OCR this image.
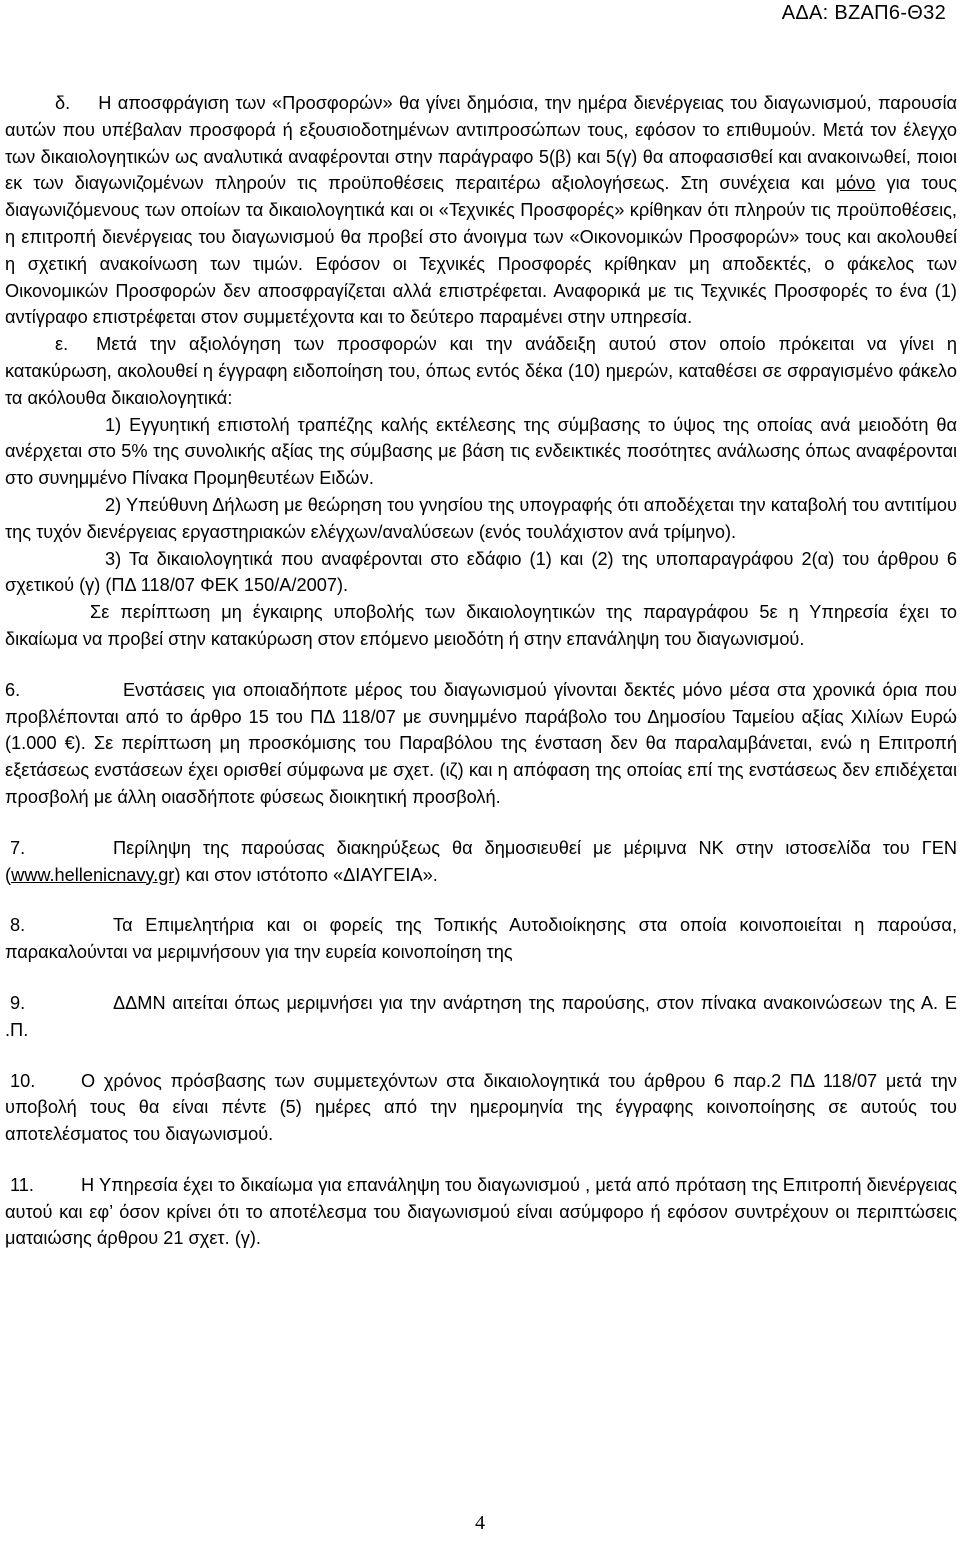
ΑΔΑ: ΒΖΑΠ6-Θ32

δ. Η αποσφράγιση των «Προσφορών» θα γίνει δημόσια, την ημέρα διενέργειας του διαγωνισμού, παρουσία αυτών που υπέβαλαν προσφορά ή εξουσιοδοτημένων αντιπροσώπων τους, εφόσον το επιθυμούν. Μετά τον έλεγχο των δικαιολογητικών ως αναλυτικά αναφέρονται στην παράγραφο 5(β) και 5(γ) θα αποφασισθεί και ανακοινωθεί, ποιοι εκ των διαγωνιζομένων πληρούν τις προϋποθέσεις περαιτέρω αξιολογήσεως. Στη συνέχεια και μόνο για τους διαγωνιζόμενους των οποίων τα δικαιολογητικά και οι «Τεχνικές Προσφορές» κρίθηκαν ότι πληρούν τις προϋποθέσεις, η επιτροπή διενέργειας του διαγωνισμού θα προβεί στο άνοιγμα των «Οικονομικών Προσφορών» τους και ακολουθεί η σχετική ανακοίνωση των τιμών. Εφόσον οι Τεχνικές Προσφορές κρίθηκαν μη αποδεκτές, ο φάκελος των Οικονομικών Προσφορών δεν αποσφραγίζεται αλλά επιστρέφεται. Αναφορικά με τις Τεχνικές Προσφορές το ένα (1) αντίγραφο επιστρέφεται στον συμμετέχοντα και το δεύτερο παραμένει στην υπηρεσία.

ε. Μετά την αξιολόγηση των προσφορών και την ανάδειξη αυτού στον οποίο πρόκειται να γίνει η κατακύρωση, ακολουθεί η έγγραφη ειδοποίηση του, όπως εντός δέκα (10) ημερών, καταθέσει σε σφραγισμένο φάκελο τα ακόλουθα δικαιολογητικά:

1) Εγγυητική επιστολή τραπέζης καλής εκτέλεσης της σύμβασης το ύψος της οποίας ανά μειοδότη θα ανέρχεται στο 5% της συνολικής αξίας της σύμβασης με βάση τις ενδεικτικές ποσότητες ανάλωσης όπως αναφέρονται στο συνημμένο Πίνακα Προμηθευτέων Ειδών.

2) Υπεύθυνη Δήλωση με θεώρηση του γνησίου της υπογραφής ότι αποδέχεται την καταβολή του αντιτίμου της τυχόν διενέργειας εργαστηριακών ελέγχων/αναλύσεων (ενός τουλάχιστον ανά τρίμηνο).

3) Τα δικαιολογητικά που αναφέρονται στο εδάφιο (1) και (2) της υποπαραγράφου 2(α) του άρθρου 6 σχετικού (γ) (ΠΔ 118/07 ΦΕΚ 150/Α/2007).

Σε περίπτωση μη έγκαιρης υποβολής των δικαιολογητικών της παραγράφου 5ε η Υπηρεσία έχει το δικαίωμα να προβεί στην κατακύρωση στον επόμενο μειοδότη ή στην επανάληψη του διαγωνισμού.

6.	Ενστάσεις για οποιαδήποτε μέρος του διαγωνισμού γίνονται δεκτές μόνο μέσα στα χρονικά όρια που προβλέπονται από το άρθρο 15 του ΠΔ 118/07 με συνημμένο παράβολο του Δημοσίου Ταμείου αξίας Χιλίων Ευρώ (1.000 €). Σε περίπτωση μη προσκόμισης του Παραβόλου της ένσταση δεν θα παραλαμβάνεται, ενώ η Επιτροπή εξετάσεως ενστάσεων έχει ορισθεί σύμφωνα με σχετ. (ιζ) και η απόφαση της οποίας επί της ενστάσεως δεν επιδέχεται προσβολή με άλλη οιασδήποτε φύσεως διοικητική προσβολή.

7.	Περίληψη της παρούσας διακηρύξεως θα δημοσιευθεί με μέριμνα ΝΚ στην ιστοσελίδα του ΓΕΝ (www.hellenicnavy.gr) και στον ιστότοπο «ΔΙΑΥΓΕΙΑ».

8.	Τα Επιμελητήρια και οι φορείς της Τοπικής Αυτοδιοίκησης στα οποία κοινοποιείται η παρούσα, παρακαλούνται να μεριμνήσουν για την ευρεία κοινοποίηση της

9.	ΔΔΜΝ αιτείται όπως μεριμνήσει για την ανάρτηση της παρούσης, στον πίνακα ανακοινώσεων της Α. Ε .Π.

10.	Ο χρόνος πρόσβασης των συμμετεχόντων στα δικαιολογητικά του άρθρου 6 παρ.2 ΠΔ 118/07 μετά την υποβολή τους θα είναι πέντε (5) ημέρες από την ημερομηνία της έγγραφης κοινοποίησης σε αυτούς του αποτελέσματος του διαγωνισμού.

11.	Η Υπηρεσία έχει το δικαίωμα για επανάληψη του διαγωνισμού , μετά από πρόταση της Επιτροπή διενέργειας αυτού και εφ’ όσον κρίνει ότι το αποτέλεσμα του διαγωνισμού είναι ασύμφορο ή εφόσον συντρέχουν οι περιπτώσεις ματαιώσης άρθρου 21 σχετ. (γ).

4
